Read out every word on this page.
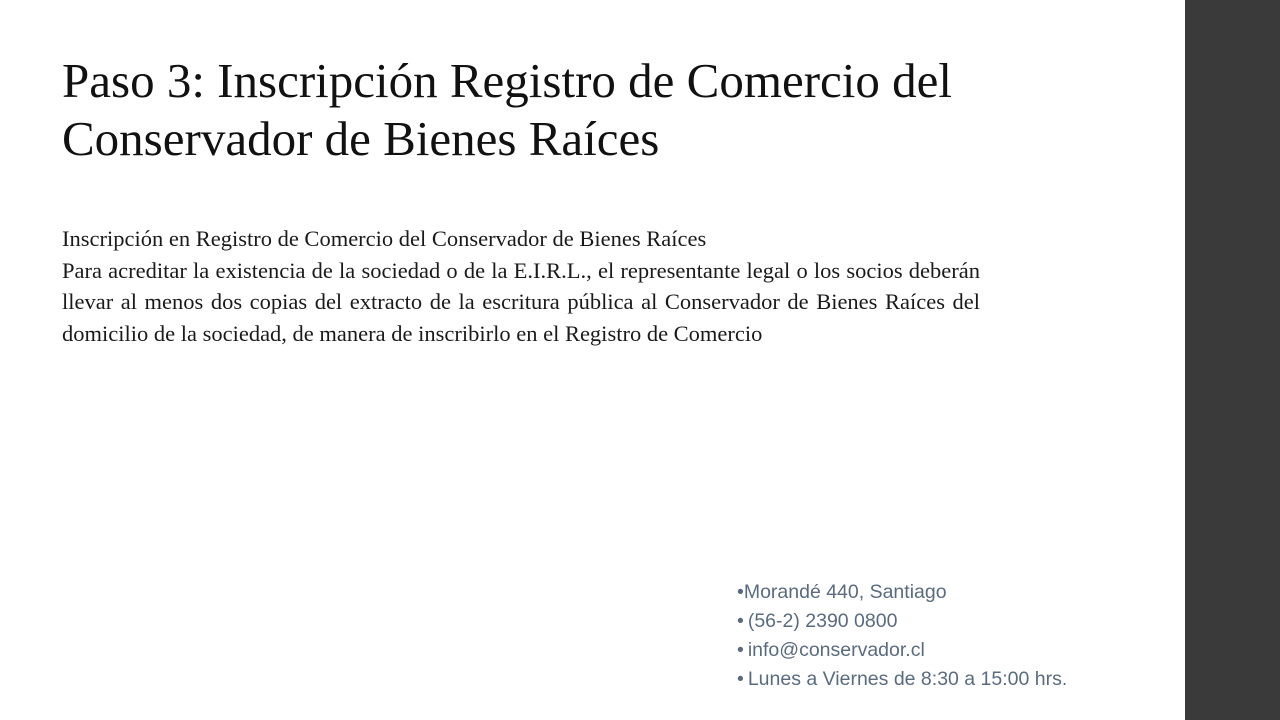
Paso 3: Inscripción Registro de Comercio del Conservador de Bienes Raíces
Inscripción en Registro de Comercio del Conservador de Bienes Raíces
Para acreditar la existencia de la sociedad o de la E.I.R.L., el representante legal o los socios deberán llevar al menos dos copias del extracto de la escritura pública al Conservador de Bienes Raíces del domicilio de la sociedad, de manera de inscribirlo en el Registro de Comercio
•Morandé 440, Santiago
• (56-2) 2390 0800
• info@conservador.cl
• Lunes a Viernes de 8:30 a 15:00 hrs.
